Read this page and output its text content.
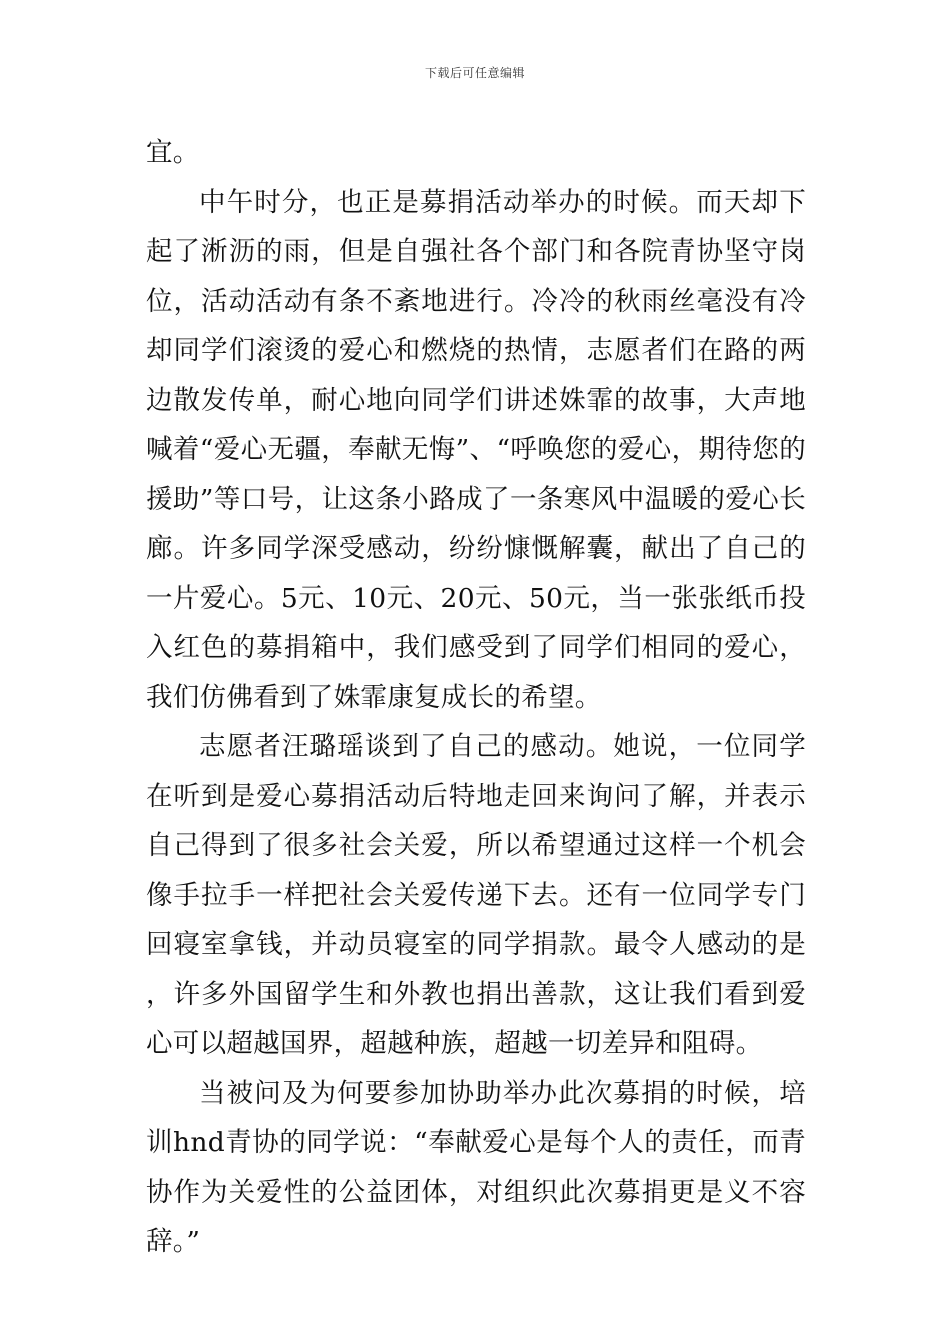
下载后可任意编辑

宜。

中午时分，也正是募捐活动举办的时候。而天却下起了淅沥的雨，但是自强社各个部门和各院青协坚守岗位，活动活动有条不紊地进行。冷冷的秋雨丝毫没有冷却同学们滚烫的爱心和燃烧的热情，志愿者们在路的两边散发传单，耐心地向同学们讲述姝霏的故事，大声地喊着“爱心无疆，奉献无悔”、“呼唤您的爱心，期待您的援助”等口号，让这条小路成了一条寒风中温暖的爱心长廊。许多同学深受感动，纷纷慷慨解囊，献出了自己的一片爱心。5元、10元、20元、50元，当一张张纸币投入红色的募捐箱中，我们感受到了同学们相同的爱心，我们仿佛看到了姝霏康复成长的希望。

志愿者汪璐瑶谈到了自己的感动。她说，一位同学在听到是爱心募捐活动后特地走回来询问了解，并表示自己得到了很多社会关爱，所以希望通过这样一个机会像手拉手一样把社会关爱传递下去。还有一位同学专门回寝室拿钱，并动员寝室的同学捐款。最令人感动的是，许多外国留学生和外教也捐出善款，这让我们看到爱心可以超越国界，超越种族，超越一切差异和阻碍。

当被问及为何要参加协助举办此次募捐的时候，培训hnd青协的同学说：“奉献爱心是每个人的责任，而青协作为关爱性的公益团体，对组织此次募捐更是义不容辞。”
